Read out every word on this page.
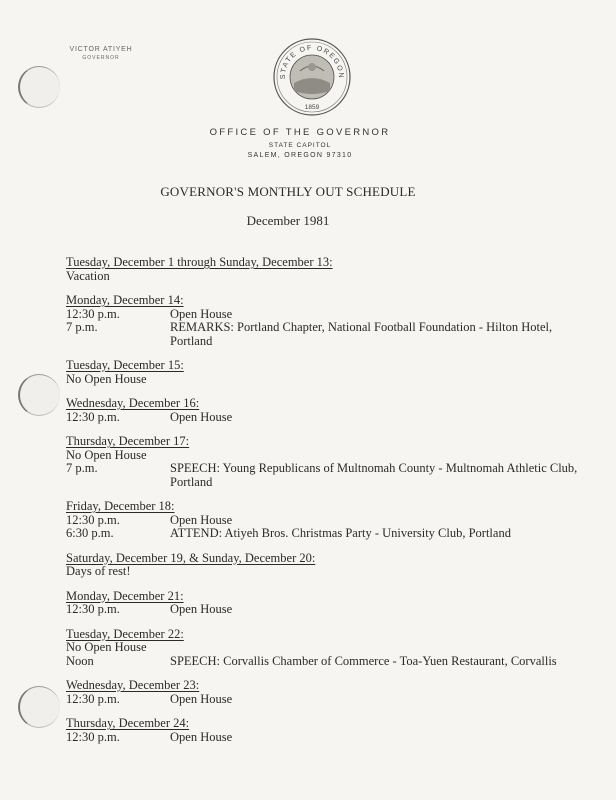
VICTOR ATIYEH
GOVERNOR
STATE OF OREGON
1859
OFFICE OF THE GOVERNOR
STATE CAPITOL
SALEM, OREGON 97310
GOVERNOR'S MONTHLY OUT SCHEDULE
December 1981
Tuesday, December 1 through Sunday, December 13:
Vacation
Monday, December 14:
12:30 p.m.	Open House
7 p.m.	REMARKS: Portland Chapter, National Football Foundation - Hilton Hotel, Portland
Tuesday, December 15:
No Open House
Wednesday, December 16:
12:30 p.m.	Open House
Thursday, December 17:
No Open House
7 p.m.	SPEECH: Young Republicans of Multnomah County - Multnomah Athletic Club, Portland
Friday, December 18:
12:30 p.m.	Open House
6:30 p.m.	ATTEND: Atiyeh Bros. Christmas Party - University Club, Portland
Saturday, December 19, & Sunday, December 20:
Days of rest!
Monday, December 21:
12:30 p.m.	Open House
Tuesday, December 22:
No Open House
Noon	SPEECH: Corvallis Chamber of Commerce - Toa-Yuen Restaurant, Corvallis
Wednesday, December 23:
12:30 p.m.	Open House
Thursday, December 24:
12:30 p.m.	Open House
